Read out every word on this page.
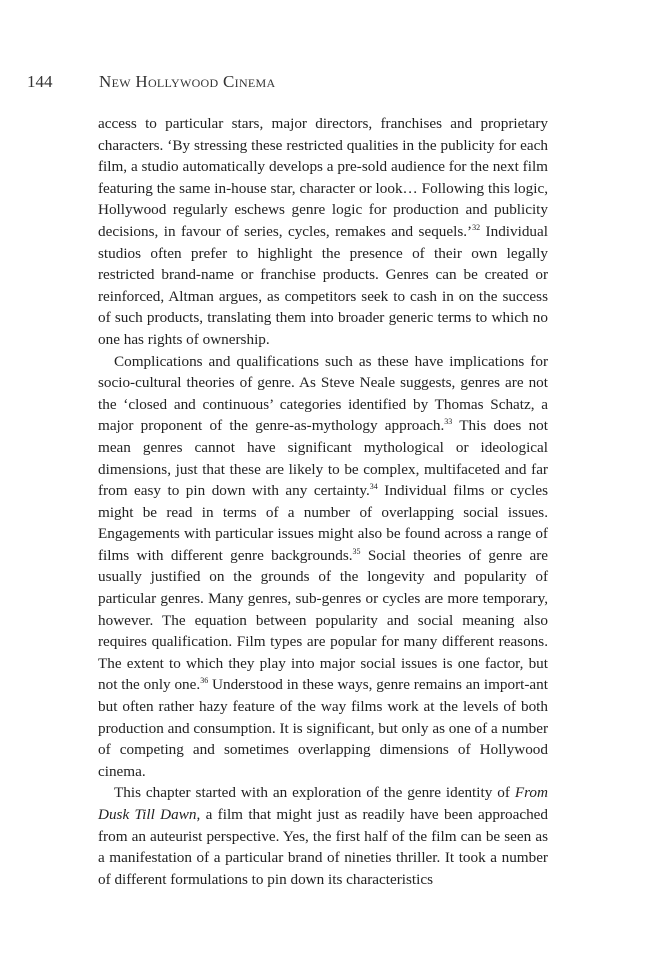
144	New Hollywood Cinema

access to particular stars, major directors, franchises and proprietary characters. ‘By stressing these restricted qualities in the publicity for each film, a studio automatically develops a pre-sold audience for the next film featuring the same in-house star, character or look… Following this logic, Hollywood regularly eschews genre logic for production and publicity decisions, in favour of series, cycles, remakes and sequels.’$^{32}$ Individual studios often prefer to highlight the presence of their own legally restricted brand-name or franchise products. Genres can be created or reinforced, Altman argues, as competitors seek to cash in on the success of such products, translating them into broader generic terms to which no one has rights of ownership.

Complications and qualifications such as these have implications for socio-cultural theories of genre. As Steve Neale suggests, genres are not the ‘closed and continuous’ categories identified by Thomas Schatz, a major proponent of the genre-as-mythology approach.$^{33}$ This does not mean genres cannot have significant mythological or ideological dimensions, just that these are likely to be complex, multifaceted and far from easy to pin down with any certainty.$^{34}$ Individual films or cycles might be read in terms of a number of overlapping social issues. Engagements with particular issues might also be found across a range of films with different genre backgrounds.$^{35}$ Social theories of genre are usually justified on the grounds of the longevity and popularity of particular genres. Many genres, sub-genres or cycles are more temporary, however. The equation between popularity and social meaning also requires qualification. Film types are popular for many different reasons. The extent to which they play into major social issues is one factor, but not the only one.$^{36}$ Understood in these ways, genre remains an import-ant but often rather hazy feature of the way films work at the levels of both production and consumption. It is significant, but only as one of a number of competing and sometimes overlapping dimensions of Hollywood cinema.

This chapter started with an exploration of the genre identity of From Dusk Till Dawn, a film that might just as readily have been approached from an auteurist perspective. Yes, the first half of the film can be seen as a manifestation of a particular brand of nineties thriller. It took a number of different formulations to pin down its characteristics
